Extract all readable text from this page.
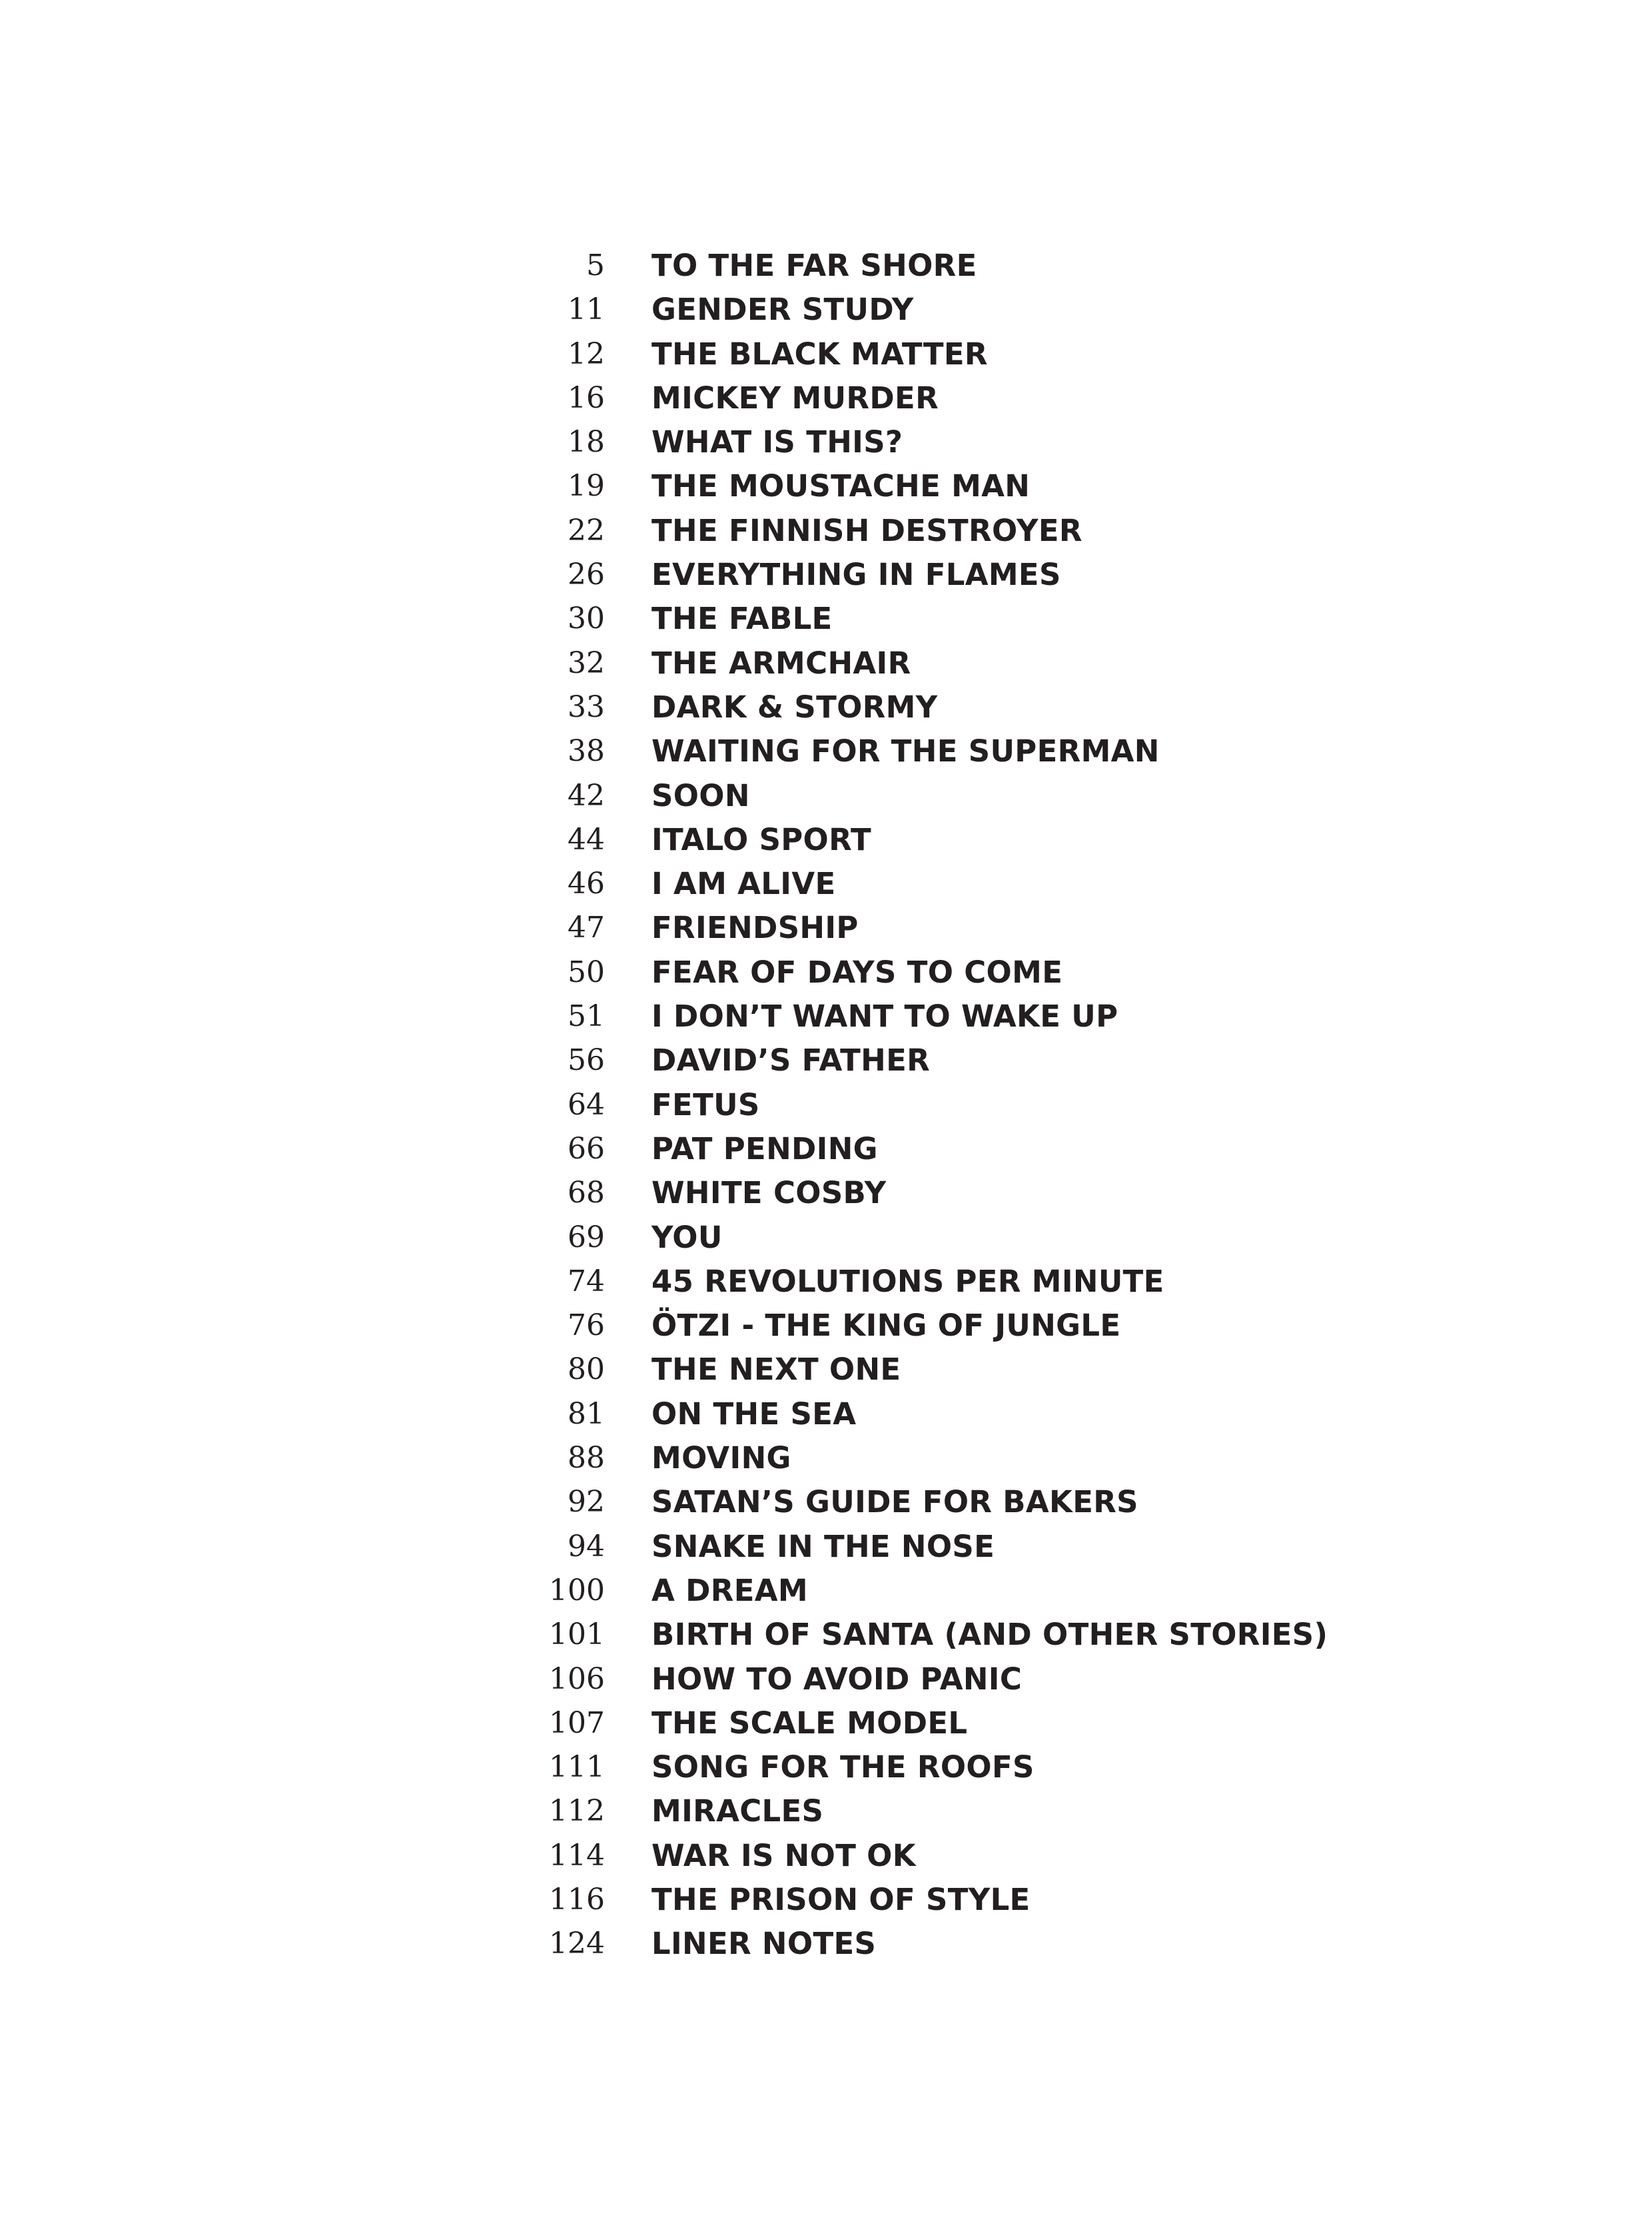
5 TO THE FAR SHORE
11 GENDER STUDY
12 THE BLACK MATTER
16 MICKEY MURDER
18 WHAT IS THIS?
19 THE MOUSTACHE MAN
22 THE FINNISH DESTROYER
26 EVERYTHING IN FLAMES
30 THE FABLE
32 THE ARMCHAIR
33 DARK & STORMY
38 WAITING FOR THE SUPERMAN
42 SOON
44 ITALO SPORT
46 I AM ALIVE
47 FRIENDSHIP
50 FEAR OF DAYS TO COME
51 I DON’T WANT TO WAKE UP
56 DAVID’S FATHER
64 FETUS
66 PAT PENDING
68 WHITE COSBY
69 YOU
74 45 REVOLUTIONS PER MINUTE
76 ÖTZI - THE KING OF JUNGLE
80 THE NEXT ONE
81 ON THE SEA
88 MOVING
92 SATAN’S GUIDE FOR BAKERS
94 SNAKE IN THE NOSE
100 A DREAM
101 BIRTH OF SANTA (AND OTHER STORIES)
106 HOW TO AVOID PANIC
107 THE SCALE MODEL
111 SONG FOR THE ROOFS
112 MIRACLES
114 WAR IS NOT OK
116 THE PRISON OF STYLE
124 LINER NOTES
